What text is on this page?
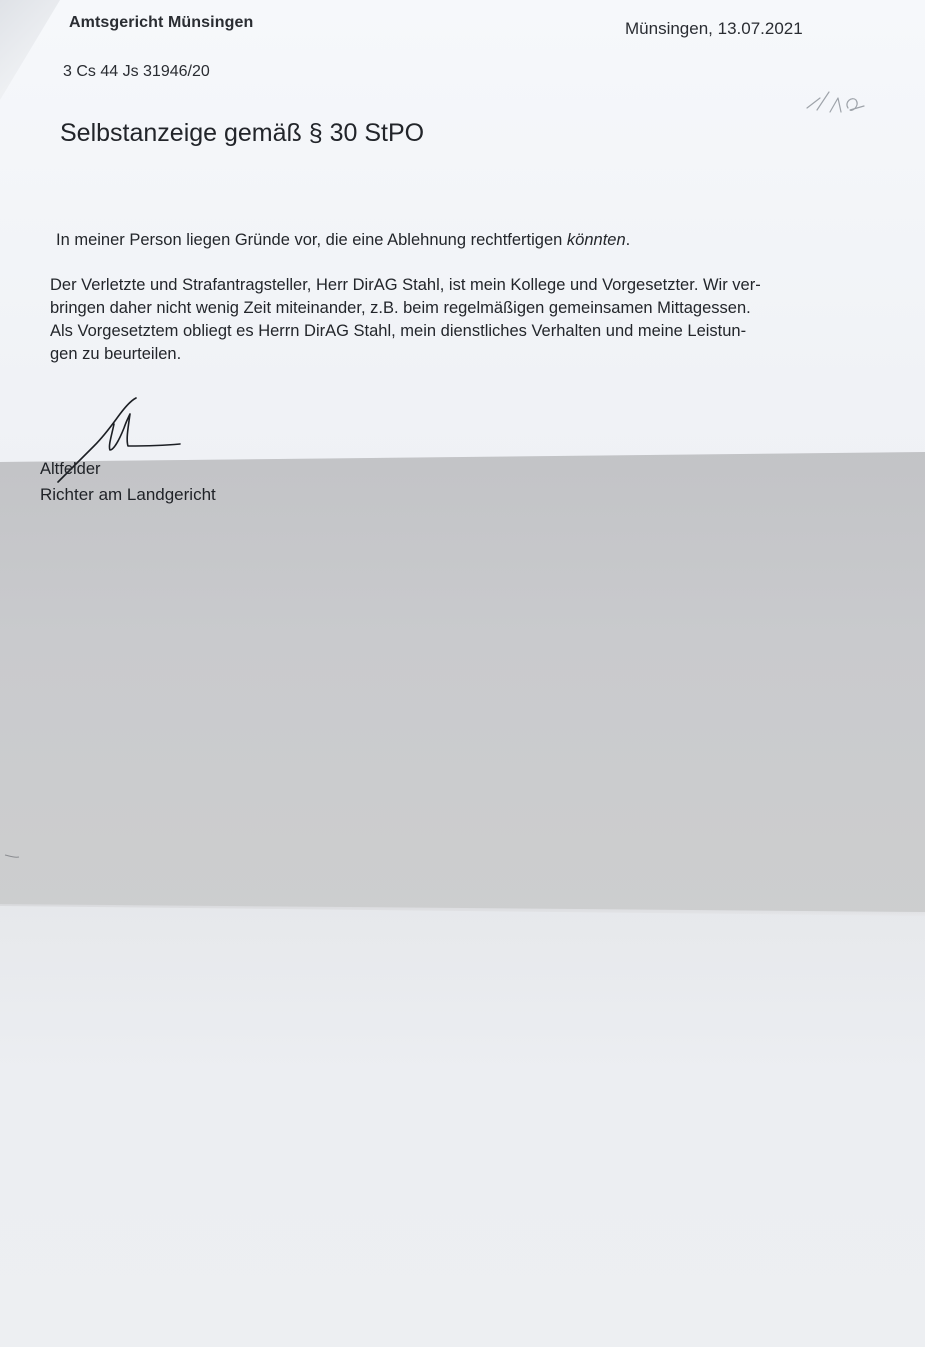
Amtsgericht Münsingen	Münsingen, 13.07.2021
3 Cs 44 Js 31946/20
Selbstanzeige gemäß § 30 StPO
In meiner Person liegen Gründe vor, die eine Ablehnung rechtfertigen könnten.
Der Verletzte und Strafantragsteller, Herr DirAG Stahl, ist mein Kollege und Vorgesetzter. Wir ver-
bringen daher nicht wenig Zeit miteinander, z.B. beim regelmäßigen gemeinsamen Mittagessen.
Als Vorgesetztem obliegt es Herrn DirAG Stahl, mein dienstliches Verhalten und meine Leistun-
gen zu beurteilen.
Altfelder
Richter am Landgericht
